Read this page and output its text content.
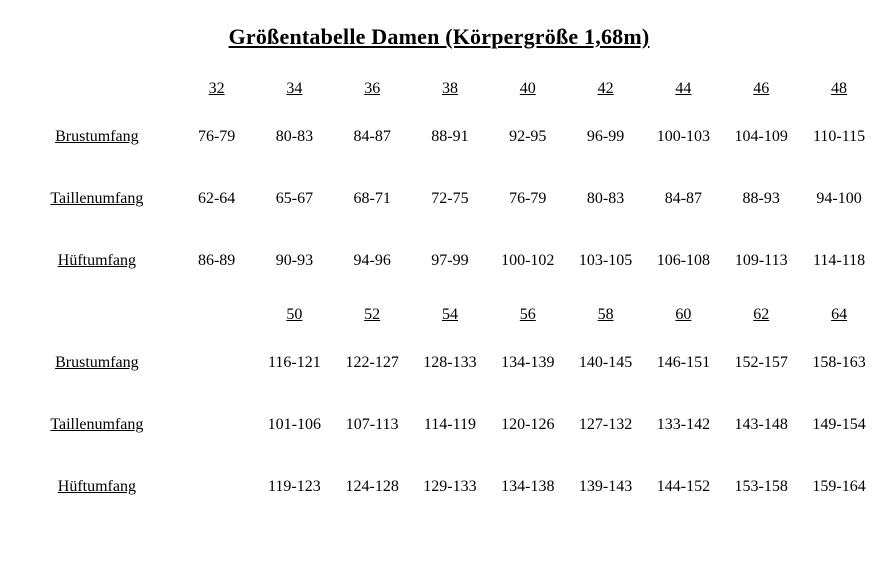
Größentabelle Damen (Körpergröße 1,68m)
	32	34	36	38	40	42	44	46	48
Brustumfang	76-79	80-83	84-87	88-91	92-95	96-99	100-103	104-109	110-115
Taillenumfang	62-64	65-67	68-71	72-75	76-79	80-83	84-87	88-93	94-100
Hüftumfang	86-89	90-93	94-96	97-99	100-102	103-105	106-108	109-113	114-118
		50	52	54	56	58	60	62	64
Brustumfang		116-121	122-127	128-133	134-139	140-145	146-151	152-157	158-163
Taillenumfang		101-106	107-113	114-119	120-126	127-132	133-142	143-148	149-154
Hüftumfang		119-123	124-128	129-133	134-138	139-143	144-152	153-158	159-164
